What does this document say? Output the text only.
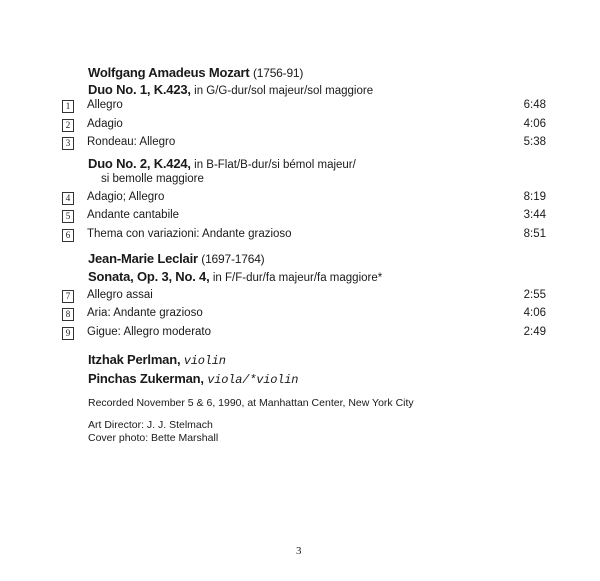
Wolfgang Amadeus Mozart (1756-91)
Duo No. 1, K.423, in G/G-dur/sol majeur/sol maggiore
1	Allegro	6:48
2	Adagio	4:06
3	Rondeau: Allegro	5:38
Duo No. 2, K.424, in B-Flat/B-dur/si bémol majeur/
si bemolle maggiore
4	Adagio; Allegro	8:19
5	Andante cantabile	3:44
6	Thema con variazioni: Andante grazioso	8:51
Jean-Marie Leclair (1697-1764)
Sonata, Op. 3, No. 4, in F/F-dur/fa majeur/fa maggiore*
7	Allegro assai	2:55
8	Aria: Andante grazioso	4:06
9	Gigue: Allegro moderato	2:49
Itzhak Perlman, violin
Pinchas Zukerman, viola/*violin
Recorded November 5 & 6, 1990, at Manhattan Center, New York City
Art Director: J. J. Stelmach
Cover photo: Bette Marshall
3
